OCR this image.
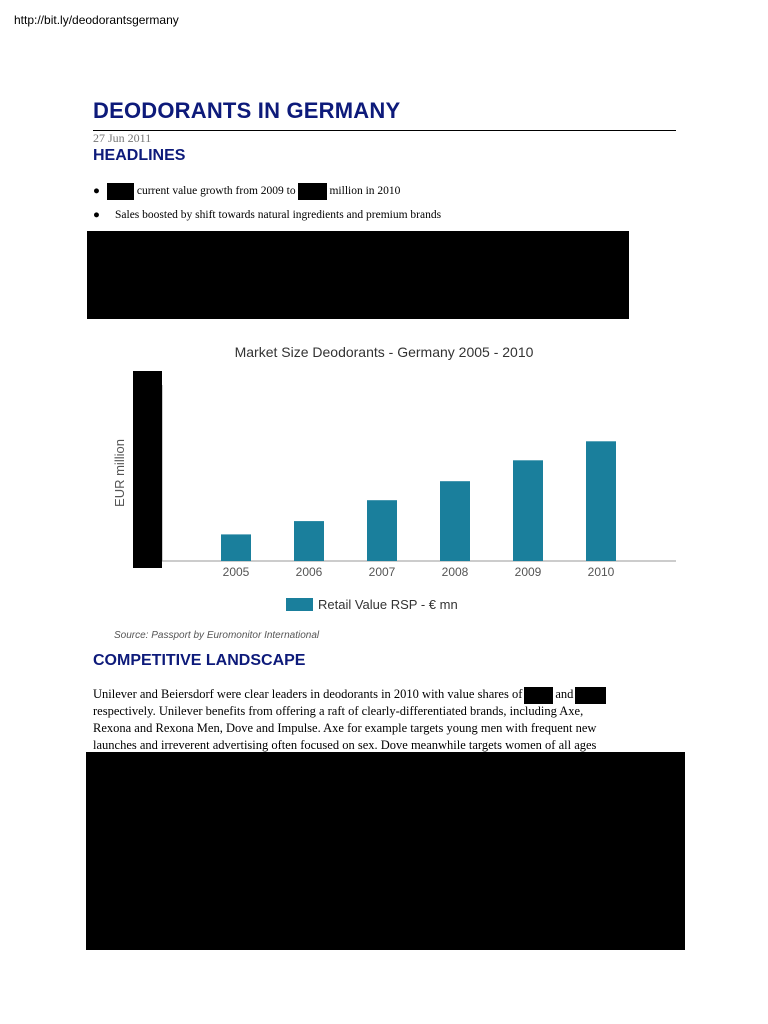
http://bit.ly/deodorantsgermany
DEODORANTS IN GERMANY
27 Jun 2011
HEADLINES
●	current value growth from 2009 to	million in 2010
● Sales boosted by shift towards natural ingredients and premium brands
Market Size Deodorants - Germany 2005 - 2010
EUR million
2005	2006	2007	2008	2009	2010
Retail Value RSP - € mn
Source: Passport by Euromonitor International
COMPETITIVE LANDSCAPE
Unilever and Beiersdorf were clear leaders in deodorants in 2010 with value shares of	and
respectively. Unilever benefits from offering a raft of clearly-differentiated brands, including Axe,
Rexona and Rexona Men, Dove and Impulse. Axe for example targets young men with frequent new
launches and irreverent advertising often focused on sex. Dove meanwhile targets women of all ages
